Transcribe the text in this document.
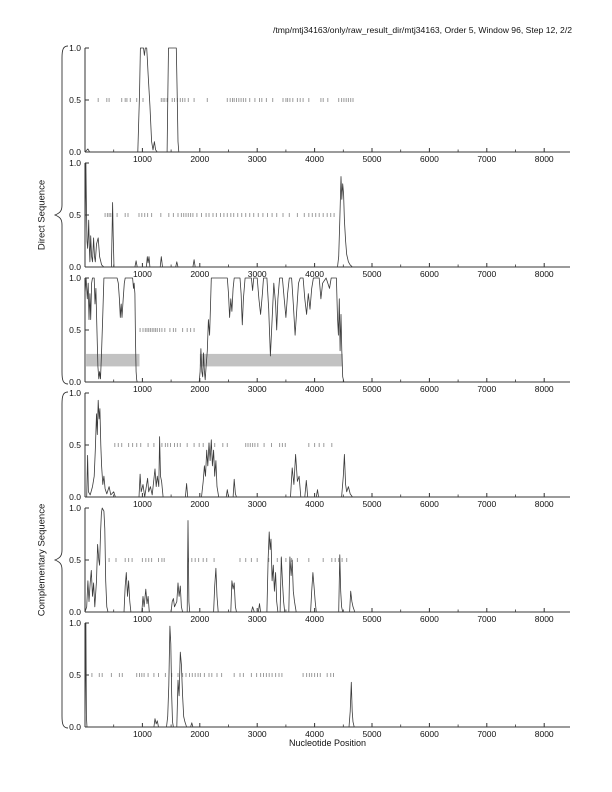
0.0
0.5
1.0
1000	2000	3000	4000	5000	6000	7000	8000
0.0
0.5
1.0
1000	2000	3000	4000	5000	6000	7000	8000
0.0
0.5
1.0
1000	2000	3000	4000	5000	6000	7000	8000
0.0
0.5
1.0
1000	2000	3000	4000	5000	6000	7000	8000
0.0
0.5
1.0
1000	2000	3000	4000	5000	6000	7000	8000
0.0
0.5
1.0
1000	2000	3000	4000	5000	6000	7000	8000
/tmp/mtj34163/only/raw_result_dir/mtj34163, Order 5, Window 96, Step 12, 2/2
Direct Sequence
Complementary Sequence
Nucleotide Position
